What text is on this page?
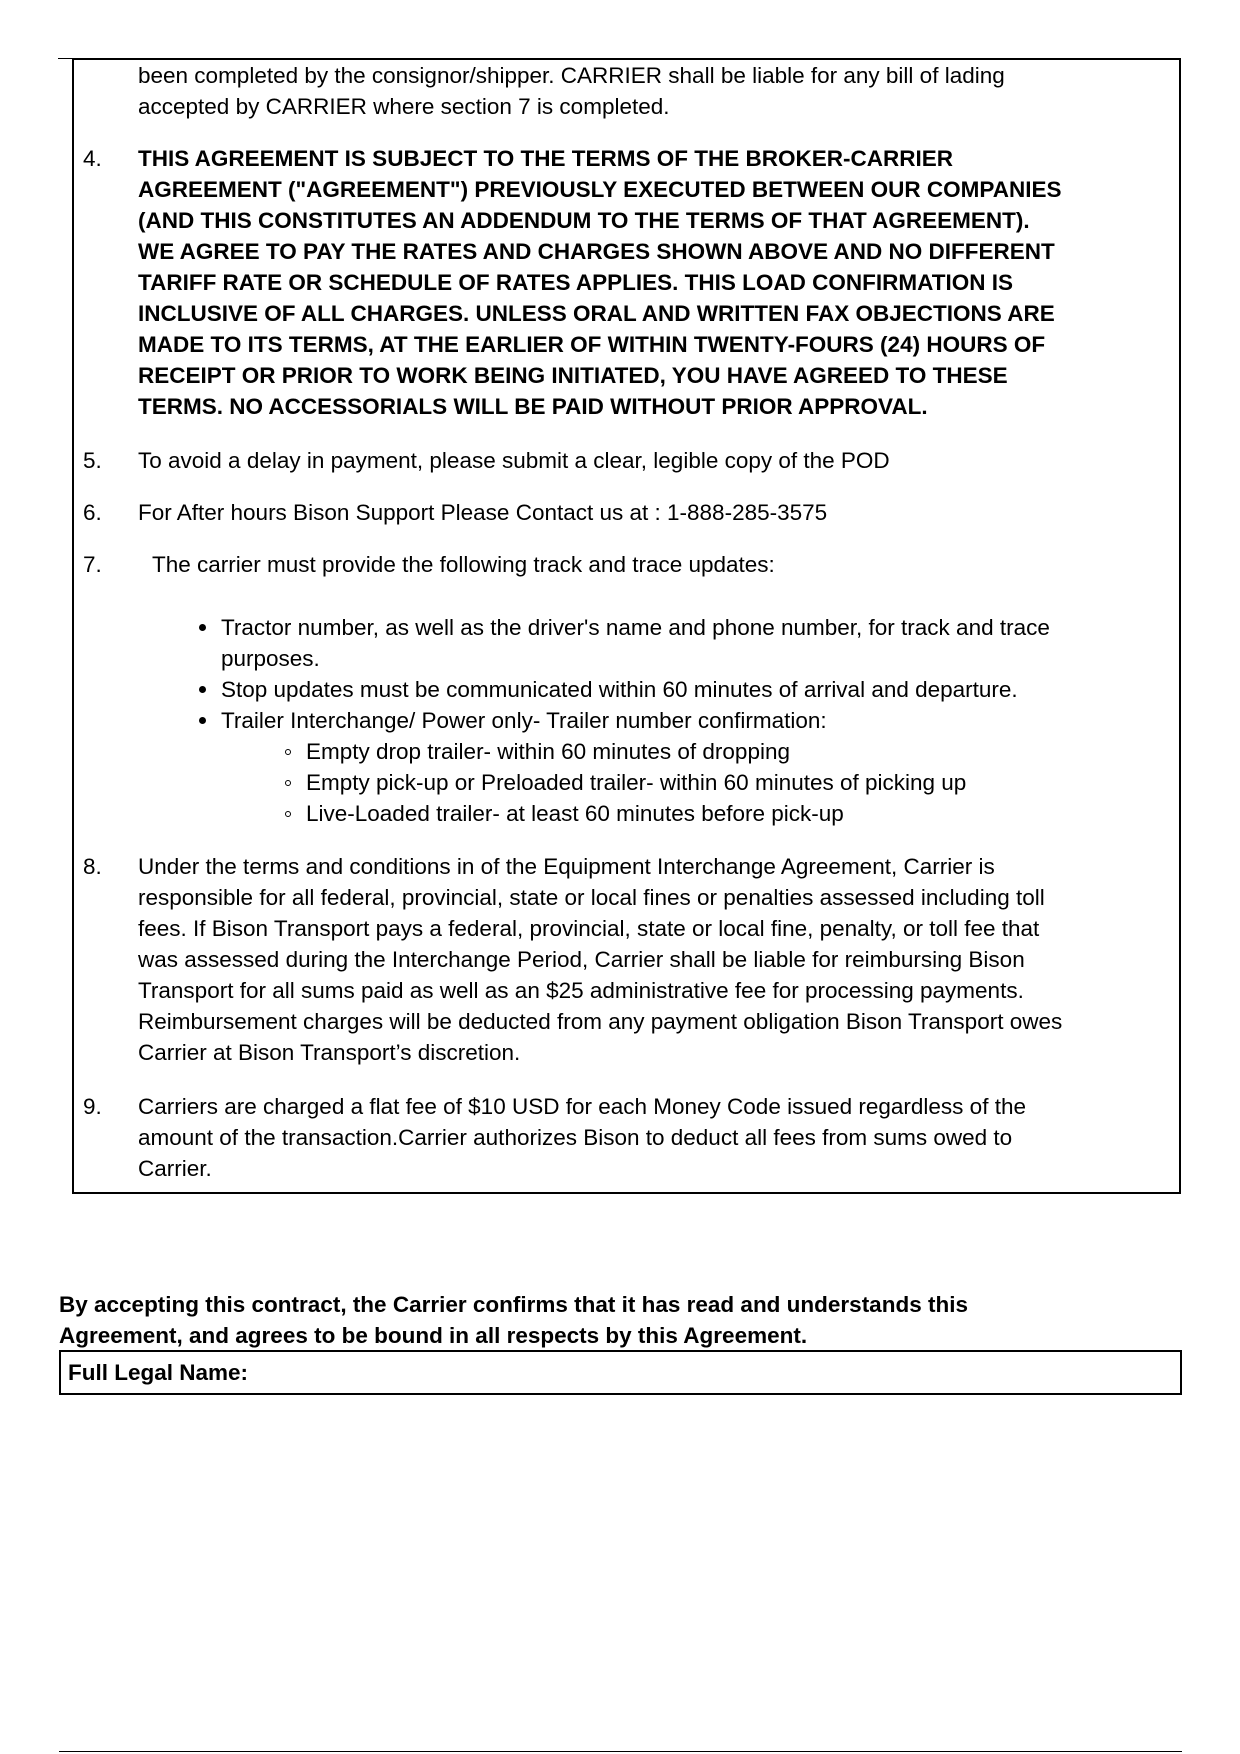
been completed by the consignor/shipper. CARRIER shall be liable for any bill of lading
accepted by CARRIER where section 7 is completed.
4. THIS AGREEMENT IS SUBJECT TO THE TERMS OF THE BROKER-CARRIER
AGREEMENT ("AGREEMENT") PREVIOUSLY EXECUTED BETWEEN OUR COMPANIES
(AND THIS CONSTITUTES AN ADDENDUM TO THE TERMS OF THAT AGREEMENT).
WE AGREE TO PAY THE RATES AND CHARGES SHOWN ABOVE AND NO DIFFERENT
TARIFF RATE OR SCHEDULE OF RATES APPLIES. THIS LOAD CONFIRMATION IS
INCLUSIVE OF ALL CHARGES. UNLESS ORAL AND WRITTEN FAX OBJECTIONS ARE
MADE TO ITS TERMS, AT THE EARLIER OF WITHIN TWENTY-FOURS (24) HOURS OF
RECEIPT OR PRIOR TO WORK BEING INITIATED, YOU HAVE AGREED TO THESE
TERMS. NO ACCESSORIALS WILL BE PAID WITHOUT PRIOR APPROVAL.
5. To avoid a delay in payment, please submit a clear, legible copy of the POD
6. For After hours Bison Support Please Contact us at : 1-888-285-3575
7. The carrier must provide the following track and trace updates:
Tractor number, as well as the driver's name and phone number, for track and trace
purposes.
Stop updates must be communicated within 60 minutes of arrival and departure.
Trailer Interchange/ Power only- Trailer number confirmation:
Empty drop trailer- within 60 minutes of dropping
Empty pick-up or Preloaded trailer- within 60 minutes of picking up
Live-Loaded trailer- at least 60 minutes before pick-up
8. Under the terms and conditions in of the Equipment Interchange Agreement, Carrier is
responsible for all federal, provincial, state or local fines or penalties assessed including toll
fees. If Bison Transport pays a federal, provincial, state or local fine, penalty, or toll fee that
was assessed during the Interchange Period, Carrier shall be liable for reimbursing Bison
Transport for all sums paid as well as an $25 administrative fee for processing payments.
Reimbursement charges will be deducted from any payment obligation Bison Transport owes
Carrier at Bison Transport’s discretion.
9. Carriers are charged a flat fee of $10 USD for each Money Code issued regardless of the
amount of the transaction.Carrier authorizes Bison to deduct all fees from sums owed to
Carrier.
By accepting this contract, the Carrier confirms that it has read and understands this
Agreement, and agrees to be bound in all respects by this Agreement.
Full Legal Name:
